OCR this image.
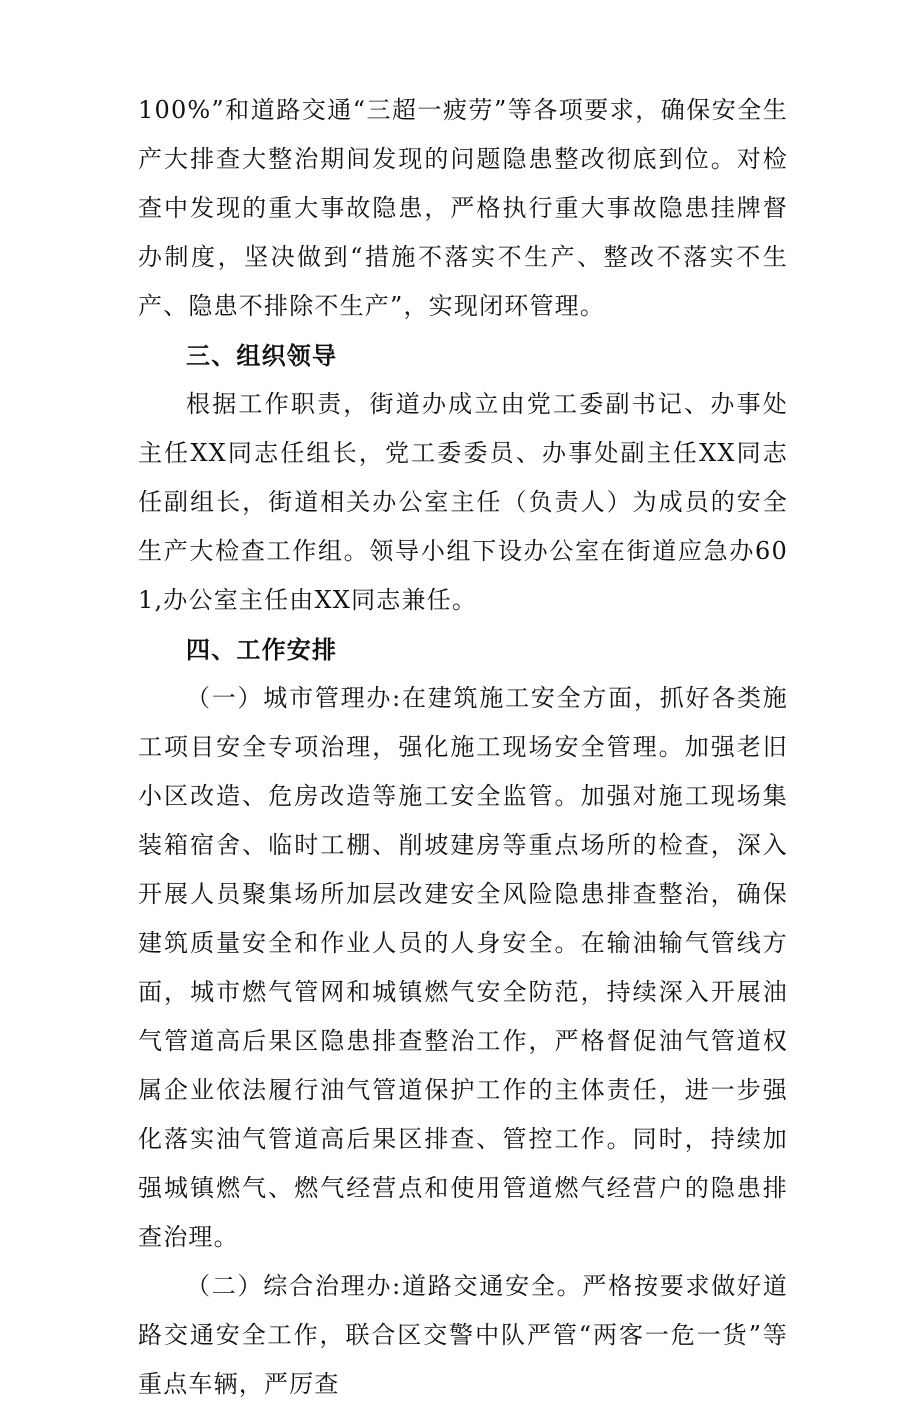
100%”和道路交通“三超一疲劳”等各项要求，确保安全生产大排查大整治期间发现的问题隐患整改彻底到位。对检查中发现的重大事故隐患，严格执行重大事故隐患挂牌督办制度，坚决做到“措施不落实不生产、整改不落实不生产、隐患不排除不生产”，实现闭环管理。

三、组织领导

根据工作职责，街道办成立由党工委副书记、办事处主任XX同志任组长，党工委委员、办事处副主任XX同志任副组长，街道相关办公室主任（负责人）为成员的安全生产大检查工作组。领导小组下设办公室在街道应急办601,办公室主任由XX同志兼任。

四、工作安排

（一）城市管理办:在建筑施工安全方面，抓好各类施工项目安全专项治理，强化施工现场安全管理。加强老旧小区改造、危房改造等施工安全监管。加强对施工现场集装箱宿舍、临时工棚、削坡建房等重点场所的检查，深入开展人员聚集场所加层改建安全风险隐患排查整治，确保建筑质量安全和作业人员的人身安全。在输油输气管线方面，城市燃气管网和城镇燃气安全防范，持续深入开展油气管道高后果区隐患排查整治工作，严格督促油气管道权属企业依法履行油气管道保护工作的主体责任，进一步强化落实油气管道高后果区排查、管控工作。同时，持续加强城镇燃气、燃气经营点和使用管道燃气经营户的隐患排查治理。

（二）综合治理办:道路交通安全。严格按要求做好道路交通安全工作，联合区交警中队严管“两客一危一货”等重点车辆，严厉查
